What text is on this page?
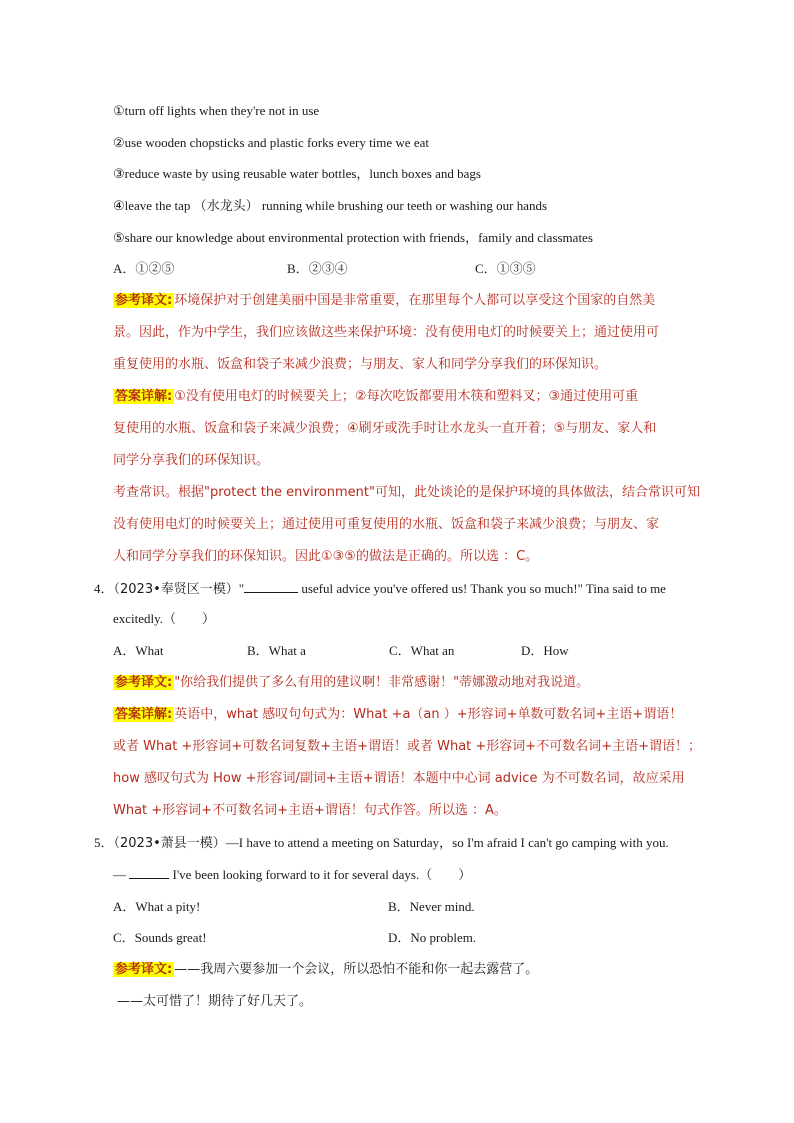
①turn off lights when they're not in use
②use wooden chopsticks and plastic forks every time we eat
③reduce waste by using reusable water bottles，lunch boxes and bags
④leave the tap （水龙头） running while brushing our teeth or washing our hands
⑤share our knowledge about environmental protection with friends，family and classmates
A．①②⑤	B．②③④	C．①③⑤
参考译文: 环境保护对于创建美丽中国是非常重要，在那里每个人都可以享受这个国家的自然美
景。因此，作为中学生，我们应该做这些来保护环境：没有使用电灯的时候要关上；通过使用可
重复使用的水瓶、饭盒和袋子来减少浪费；与朋友、家人和同学分享我们的环保知识。
答案详解: ①没有使用电灯的时候要关上；②每次吃饭都要用木筷和塑料叉；③通过使用可重
复使用的水瓶、饭盒和袋子来减少浪费；④刷牙或洗手时让水龙头一直开着；⑤与朋友、家人和
同学分享我们的环保知识。
考查常识。根据"protect the environment"可知，此处谈论的是保护环境的具体做法，结合常识可知
没有使用电灯的时候要关上；通过使用可重复使用的水瓶、饭盒和袋子来减少浪费；与朋友、家
人和同学分享我们的环保知识。因此①③⑤的做法是正确的。所以选 ：C。
4．（2023•奉贤区一模）"	useful advice you've offered us! Thank you so much!" Tina said to me
excitedly.（　　）
A．What	B．What a	C．What an	D．How
参考译文: "你给我们提供了多么有用的建议啊！非常感谢！"蒂娜激动地对我说道。
答案详解: 英语中，what 感叹句句式为：What +a（an ）+形容词+单数可数名词+主语+谓语！
或者 What +形容词+可数名词复数+主语+谓语！或者 What +形容词+不可数名词+主语+谓语！；
how 感叹句式为 How +形容词/副词+主语+谓语！本题中中心词 advice 为不可数名词，故应采用
What +形容词+不可数名词+主语+谓语！句式作答。所以选 ：A。
5．（2023•萧县一模）—I have to attend a meeting on Saturday，so I'm afraid I can't go camping with you.
—	I've been looking forward to it for several days.（　　）
A．What a pity!	B．Never mind.
C．Sounds great!	D．No problem.
参考译文: ——我周六要参加一个会议，所以恐怕不能和你一起去露营了。
——太可惜了！期待了好几天了。
